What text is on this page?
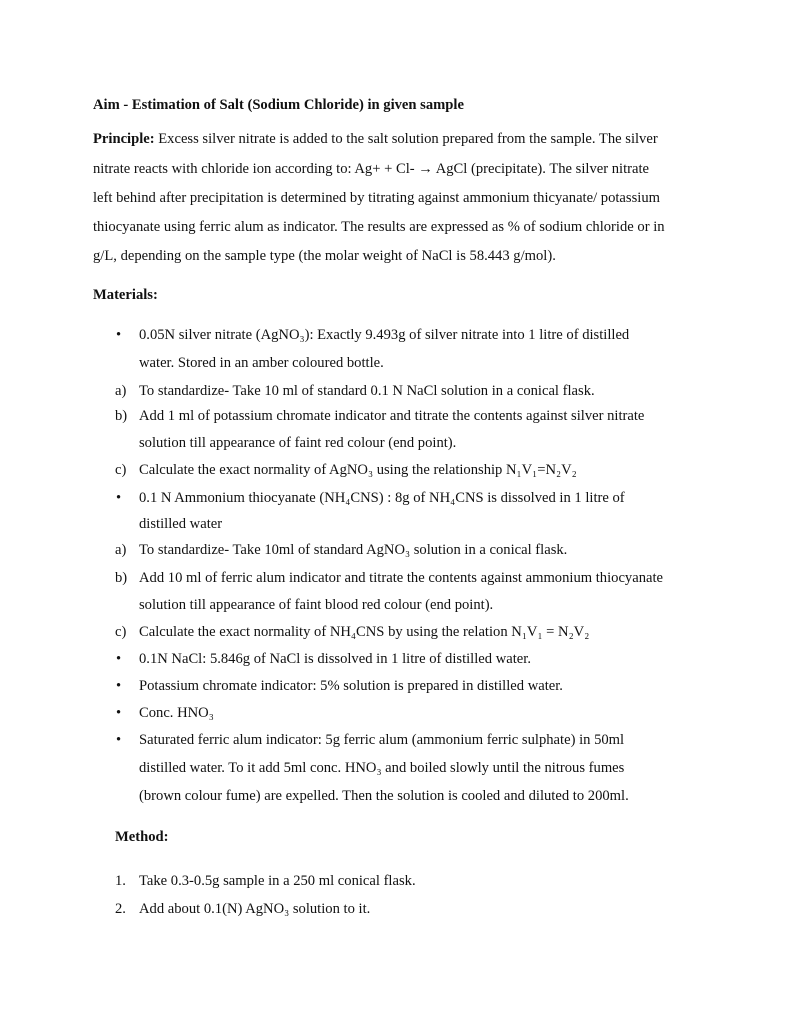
Aim - Estimation of Salt (Sodium Chloride) in given sample
Principle: Excess silver nitrate is added to the salt solution prepared from the sample. The silver
nitrate reacts with chloride ion according to: Ag+ + Cl- → AgCl (precipitate). The silver nitrate
left behind after precipitation is determined by titrating against ammonium thicyanate/ potassium
thiocyanate using ferric alum as indicator. The results are expressed as % of sodium chloride or in
g/L, depending on the sample type (the molar weight of NaCl is 58.443 g/mol).
Materials:
• 0.05N silver nitrate (AgNO₃): Exactly 9.493g of silver nitrate into 1 litre of distilled
water. Stored in an amber coloured bottle.
a) To standardize- Take 10 ml of standard 0.1 N NaCl solution in a conical flask.
b) Add 1 ml of potassium chromate indicator and titrate the contents against silver nitrate
solution till appearance of faint red colour (end point).
c) Calculate the exact normality of AgNO₃ using the relationship N₁V₁=N₂V₂
• 0.1 N Ammonium thiocyanate (NH₄CNS) : 8g of NH₄CNS is dissolved in 1 litre of
distilled water
a) To standardize- Take 10ml of standard AgNO₃ solution in a conical flask.
b) Add 10 ml of ferric alum indicator and titrate the contents against ammonium thiocyanate
solution till appearance of faint blood red colour (end point).
c) Calculate the exact normality of NH₄CNS by using the relation N₁V₁ = N₂V₂
• 0.1N NaCl: 5.846g of NaCl is dissolved in 1 litre of distilled water.
• Potassium chromate indicator: 5% solution is prepared in distilled water.
• Conc. HNO₃
• Saturated ferric alum indicator: 5g ferric alum (ammonium ferric sulphate) in 50ml
distilled water. To it add 5ml conc. HNO₃ and boiled slowly until the nitrous fumes
(brown colour fume) are expelled. Then the solution is cooled and diluted to 200ml.
Method:
1. Take 0.3-0.5g sample in a 250 ml conical flask.
2. Add about 0.1(N) AgNO₃ solution to it.
